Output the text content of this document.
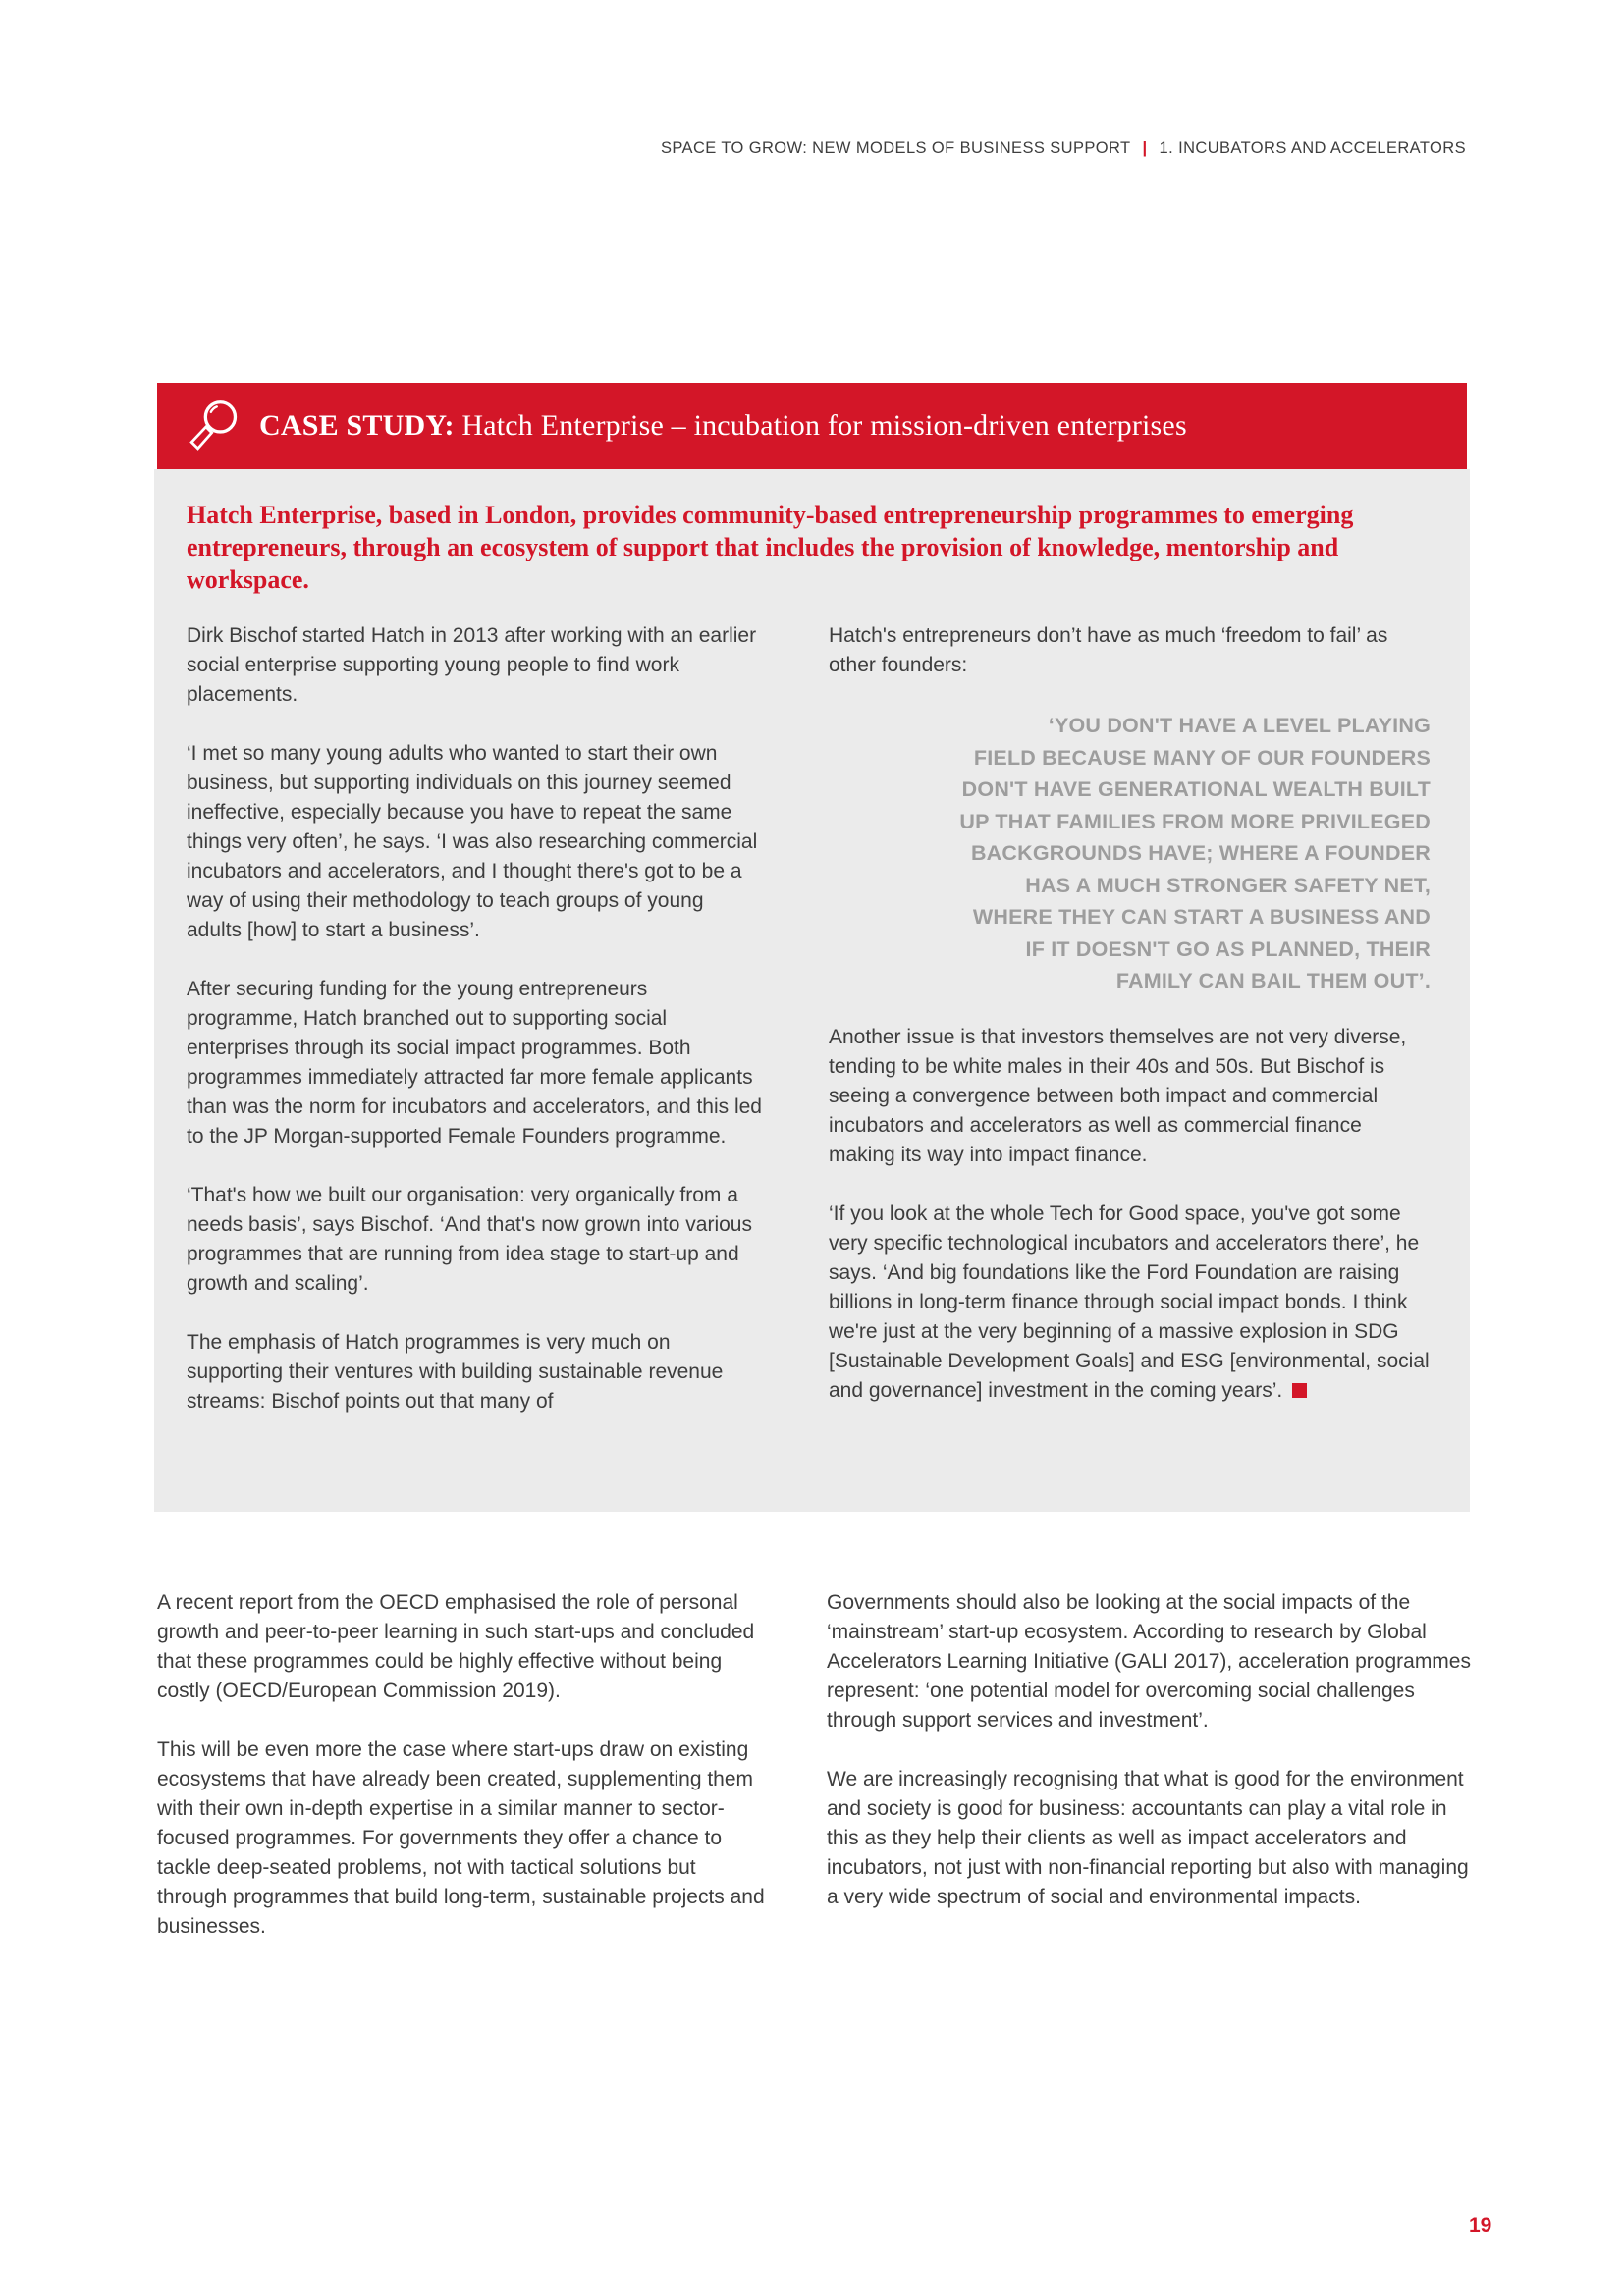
SPACE TO GROW: NEW MODELS OF BUSINESS SUPPORT | 1. INCUBATORS AND ACCELERATORS
CASE STUDY: Hatch Enterprise – incubation for mission-driven enterprises

Hatch Enterprise, based in London, provides community-based entrepreneurship programmes to emerging entrepreneurs, through an ecosystem of support that includes the provision of knowledge, mentorship and workspace.

Dirk Bischof started Hatch in 2013 after working with an earlier social enterprise supporting young people to find work placements.

‘I met so many young adults who wanted to start their own business, but supporting individuals on this journey seemed ineffective, especially because you have to repeat the same things very often’, he says. ‘I was also researching commercial incubators and accelerators, and I thought there's got to be a way of using their methodology to teach groups of young adults [how] to start a business’.

After securing funding for the young entrepreneurs programme, Hatch branched out to supporting social enterprises through its social impact programmes. Both programmes immediately attracted far more female applicants than was the norm for incubators and accelerators, and this led to the JP Morgan-supported Female Founders programme.

‘That's how we built our organisation: very organically from a needs basis’, says Bischof. ‘And that's now grown into various programmes that are running from idea stage to start-up and growth and scaling’.

The emphasis of Hatch programmes is very much on supporting their ventures with building sustainable revenue streams: Bischof points out that many of

Hatch's entrepreneurs don’t have as much ‘freedom to fail’ as other founders:

‘YOU DON'T HAVE A LEVEL PLAYING
FIELD BECAUSE MANY OF OUR FOUNDERS
DON'T HAVE GENERATIONAL WEALTH BUILT
UP THAT FAMILIES FROM MORE PRIVILEGED
BACKGROUNDS HAVE; WHERE A FOUNDER
HAS A MUCH STRONGER SAFETY NET,
WHERE THEY CAN START A BUSINESS AND
IF IT DOESN'T GO AS PLANNED, THEIR
FAMILY CAN BAIL THEM OUT’.

Another issue is that investors themselves are not very diverse, tending to be white males in their 40s and 50s. But Bischof is seeing a convergence between both impact and commercial incubators and accelerators as well as commercial finance making its way into impact finance.

‘If you look at the whole Tech for Good space, you've got some very specific technological incubators and accelerators there’, he says. ‘And big foundations like the Ford Foundation are raising billions in long-term finance through social impact bonds. I think we're just at the very beginning of a massive explosion in SDG [Sustainable Development Goals] and ESG [environmental, social and governance] investment in the coming years’.

A recent report from the OECD emphasised the role of personal growth and peer-to-peer learning in such start-ups and concluded that these programmes could be highly effective without being costly (OECD/European Commission 2019).

This will be even more the case where start-ups draw on existing ecosystems that have already been created, supplementing them with their own in-depth expertise in a similar manner to sector-focused programmes. For governments they offer a chance to tackle deep-seated problems, not with tactical solutions but through programmes that build long-term, sustainable projects and businesses.

Governments should also be looking at the social impacts of the ‘mainstream’ start-up ecosystem. According to research by Global Accelerators Learning Initiative (GALI 2017), acceleration programmes represent: ‘one potential model for overcoming social challenges through support services and investment’.

We are increasingly recognising that what is good for the environment and society is good for business: accountants can play a vital role in this as they help their clients as well as impact accelerators and incubators, not just with non-financial reporting but also with managing a very wide spectrum of social and environmental impacts.

19
